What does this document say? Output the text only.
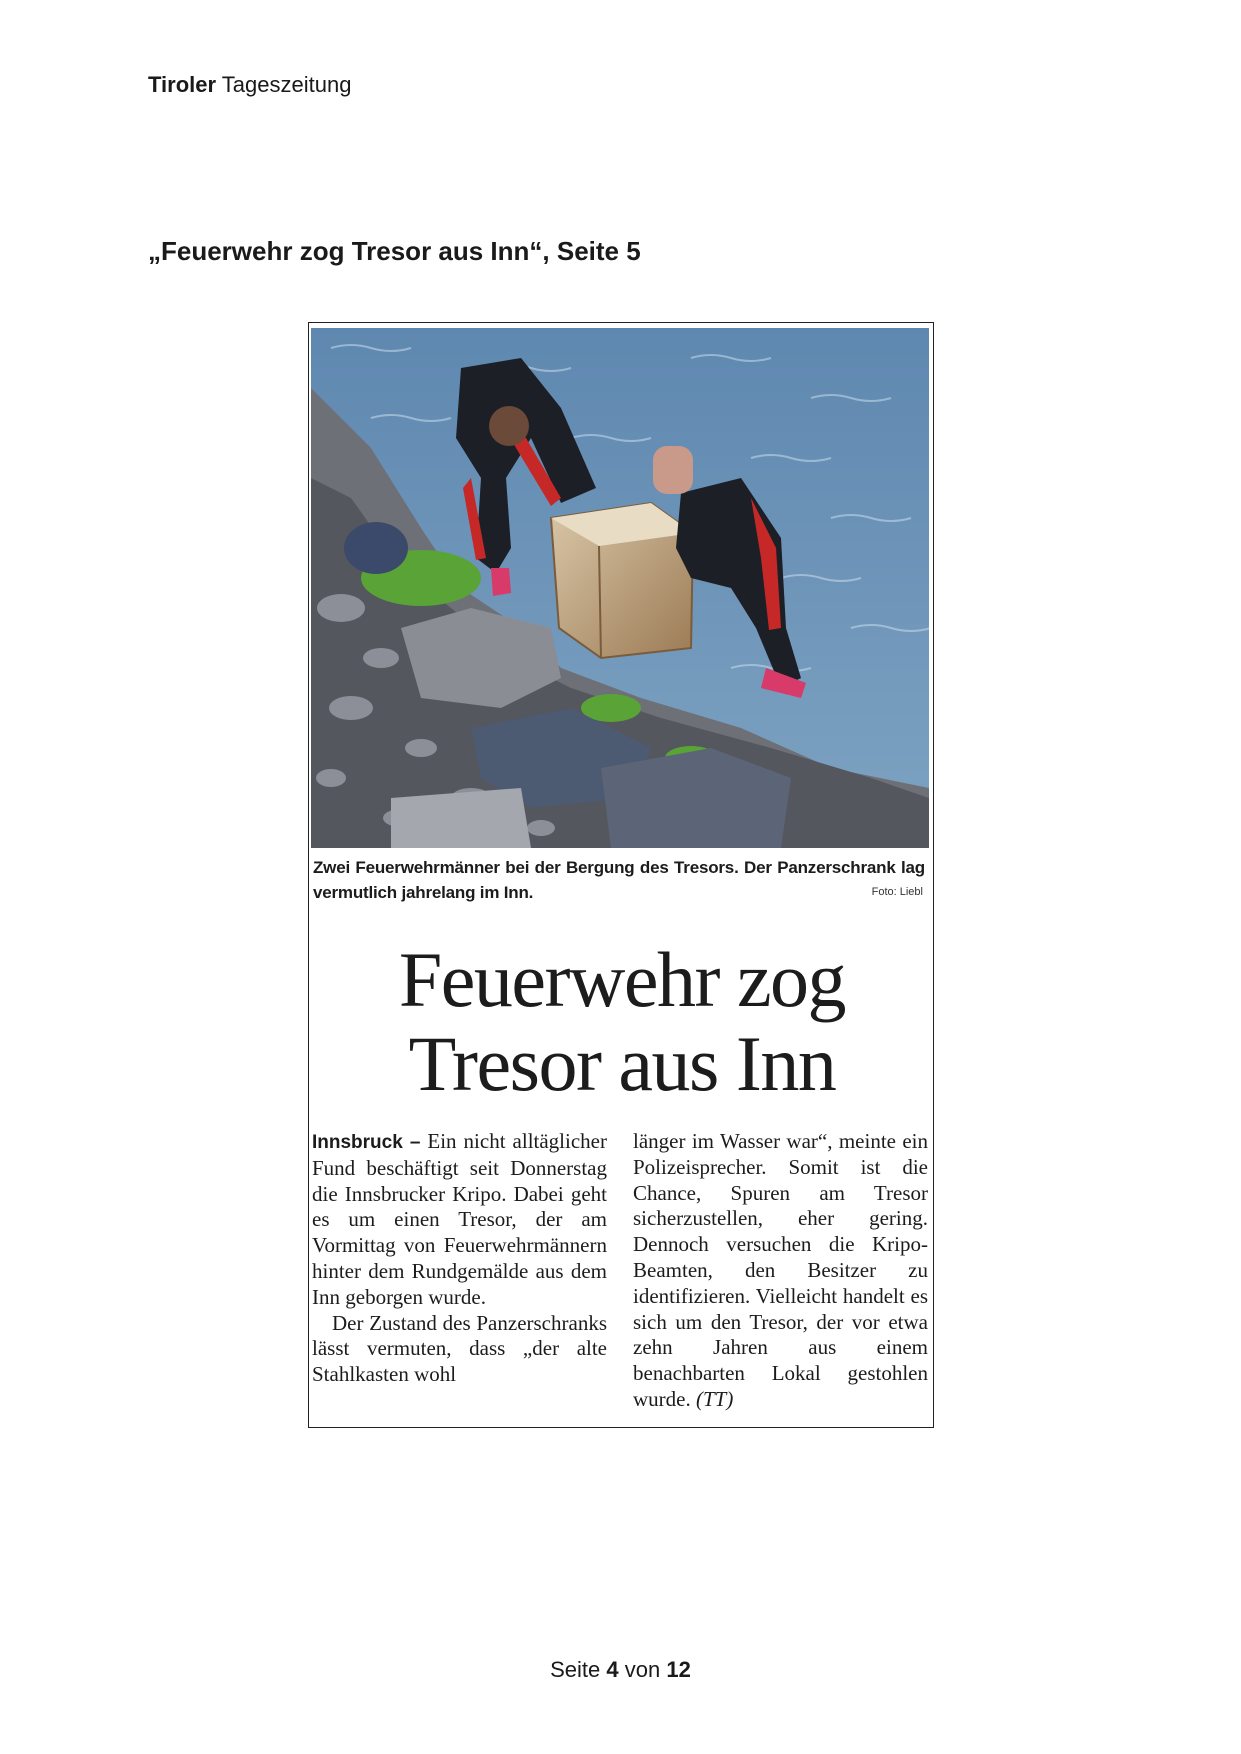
Tiroler Tageszeitung
„Feuerwehr zog Tresor aus Inn“, Seite 5
Zwei Feuerwehrmänner bei der Bergung des Tresors. Der Panzerschrank lag vermutlich jahrelang im Inn.	Foto: Liebl
Feuerwehr zog
Tresor aus Inn

Innsbruck – Ein nicht alltäglicher Fund beschäftigt seit Donnerstag die Innsbrucker Kripo. Dabei geht es um einen Tresor, der am Vormittag von Feuerwehrmännern hinter dem Rundgemälde aus dem Inn geborgen wurde.

Der Zustand des Panzerschranks lässt vermuten, dass „der alte Stahlkasten wohl

länger im Wasser war“, meinte ein Polizeisprecher. Somit ist die Chance, Spuren am Tresor sicherzustellen, eher gering. Dennoch versuchen die Kripo-Beamten, den Besitzer zu identifizieren. Vielleicht handelt es sich um den Tresor, der vor etwa zehn Jahren aus einem benachbarten Lokal gestohlen wurde. (TT)

Seite 4 von 12
